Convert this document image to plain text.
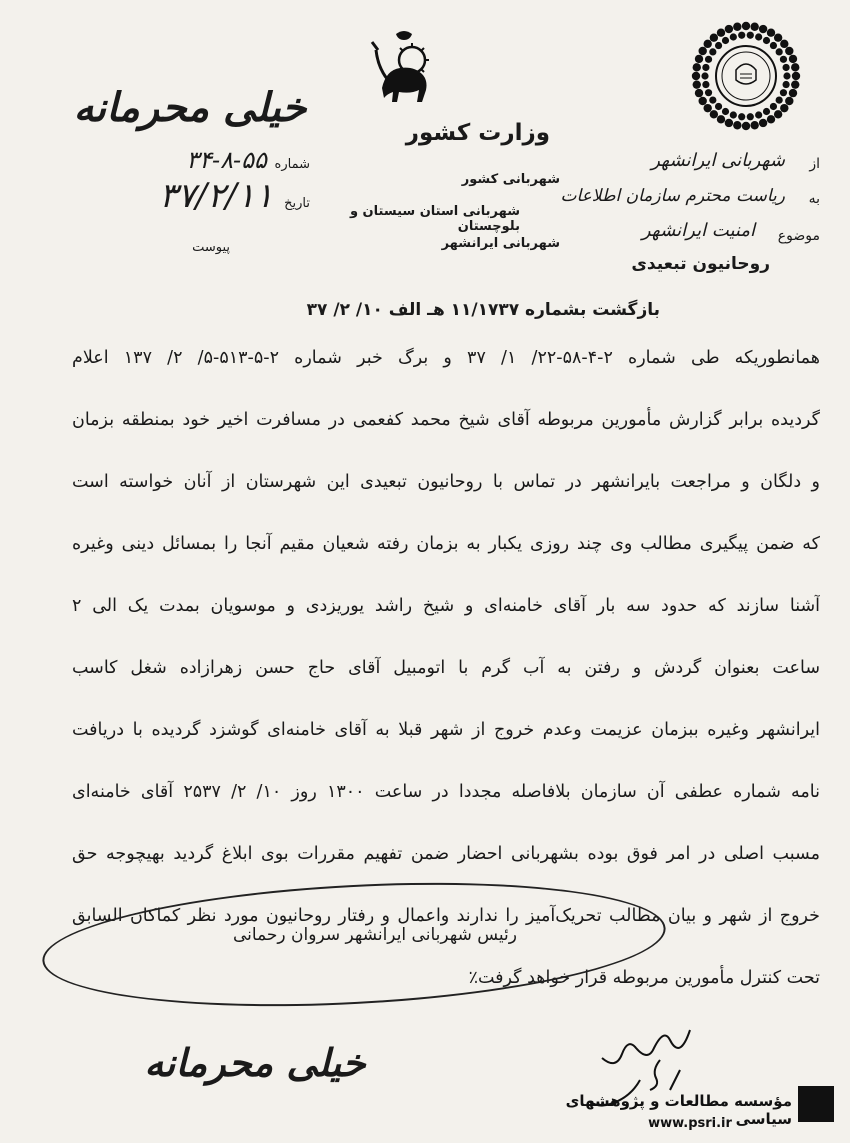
خیلی محرمانه
وزارت کشور
شماره ۵۵-۸-۳۴
تاریخ ۳۷/۲/۱۱
پیوست
شهربانی کشور
شهربانی استان سیستان و بلوچستان
شهربانی ایرانشهر
از
به
موضوع
شهربانی ایرانشهر
ریاست محترم سازمان اطلاعات
امنیت ایرانشهر
روحانیون تبعیدی
بازگشت بشماره ۱۱/۱۷۳۷ هـ الف ۱۰/ ۲/ ۳۷
همانطوریکه طی شماره ۲-۴-۵۸-۲۲/ ۱/ ۳۷ و برگ خبر شماره ۲-۵-۵۱۳-۵/ ۲/ ۱۳۷ اعلام
گردیده برابر گزارش مأمورین مربوطه آقای شیخ محمد کفعمی در مسافرت اخیر خود بمنطقه بزمان
و دلگان و مراجعت بایرانشهر در تماس با روحانیون تبعیدی این شهرستان از آنان خواسته است
که ضمن پیگیری مطالب وی چند روزی یکبار به بزمان رفته شعیان مقیم آنجا را بمسائل دینی وغیره
آشنا سازند که حدود سه بار آقای خامنه‌ای و شیخ راشد یوریزدی و موسویان بمدت یک الی ۲
ساعت بعنوان گردش و رفتن به آب گرم با اتومبیل آقای حاج حسن زهرازاده شغل کاسب
ایرانشهر وغیره ببزمان عزیمت وعدم خروج از شهر قبلا به آقای خامنه‌ای گوشزد گردیده با دریافت
نامه شماره عطفی آن سازمان بلافاصله مجددا در ساعت ۱۳۰۰ روز ۱۰/ ۲/ ۲۵۳۷ آقای خامنه‌ای
مسبب اصلی در امر فوق بوده بشهربانی احضار ضمن تفهیم مقررات بوی ابلاغ گردید بهیچوجه حق
خروج از شهر و بیان مطالب تحریک‌آمیز را ندارند واعمال و رفتار روحانیون مورد نظر کماکان السابق
تحت کنترل مأمورین مربوطه قرار خواهد گرفت٪
رئیس شهربانی ایرانشهر سروان رحمانی
خیلی محرمانه
مؤسسه مطالعات و پژوهشهای سیاسی
www.psri.ir
